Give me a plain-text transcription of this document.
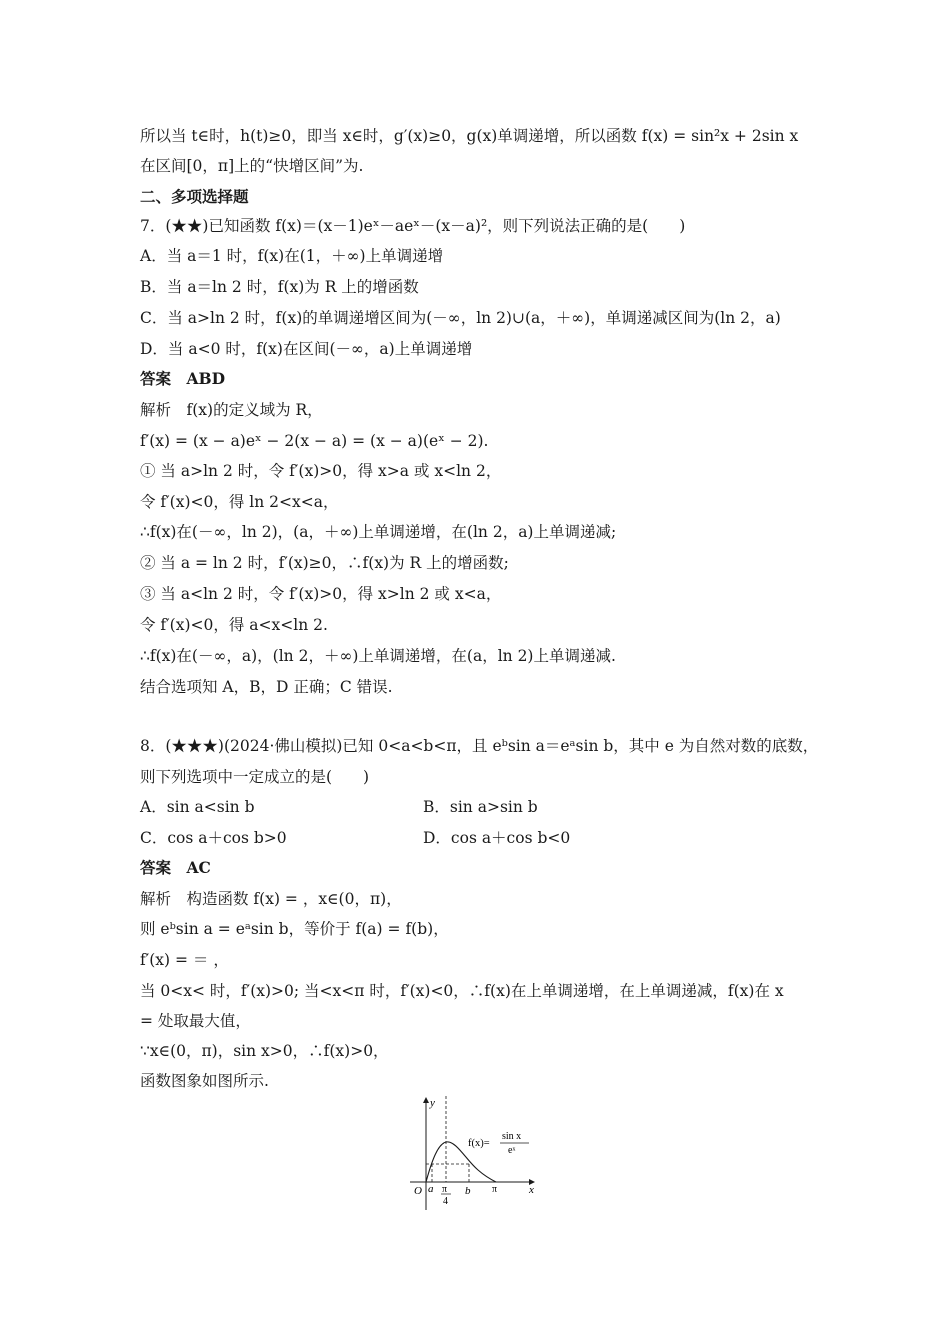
所以当 t∈时，h(t)≥0，即当 x∈时，g′(x)≥0，g(x)单调递增，所以函数 f(x) = sin²x + 2sin x
在区间[0，π]上的“快增区间”为.
二、多项选择题
7．(★★)已知函数 f(x)＝(x－1)eˣ－aeˣ－(x－a)²，则下列说法正确的是(　　)
A．当 a＝1 时，f(x)在(1，＋∞)上单调递增
B．当 a＝ln 2 时，f(x)为 R 上的增函数
C．当 a>ln 2 时，f(x)的单调递增区间为(－∞，ln 2)∪(a，＋∞)，单调递减区间为(ln 2，a)
D．当 a<0 时，f(x)在区间(－∞，a)上单调递增
答案　ABD
解析　f(x)的定义域为 R，
f′(x) = (x − a)eˣ − 2(x − a) = (x − a)(eˣ − 2).
① 当 a>ln 2 时，令 f′(x)>0，得 x>a 或 x<ln 2，
令 f′(x)<0，得 ln 2<x<a，
∴f(x)在(－∞，ln 2)，(a，＋∞)上单调递增，在(ln 2，a)上单调递减;
② 当 a = ln 2 时，f′(x)≥0，∴f(x)为 R 上的增函数;
③ 当 a<ln 2 时，令 f′(x)>0，得 x>ln 2 或 x<a，
令 f′(x)<0，得 a<x<ln 2.
∴f(x)在(－∞，a)，(ln 2，＋∞)上单调递增，在(a，ln 2)上单调递减.
结合选项知 A，B，D 正确；C 错误.
8．(★★★)(2024·佛山模拟)已知 0<a<b<π，且 eᵇsin a＝eᵃsin b，其中 e 为自然对数的底数，
则下列选项中一定成立的是(　　)
A．sin a<sin b	B．sin a>sin b
C．cos a＋cos b>0	D．cos a＋cos b<0
答案　AC
解析　构造函数 f(x) = ，x∈(0，π)，
则 eᵇsin a = eᵃsin b，等价于 f(a) = f(b)，
f′(x) = ＝ ，
当 0<x< 时，f′(x)>0; 当<x<π 时，f′(x)<0，∴f(x)在上单调递增，在上单调递减，f(x)在 x
= 处取最大值，
∵x∈(0，π)，sin x>0，∴f(x)>0，
函数图象如图所示.
y
x
O a π
4
b π
f(x)=
sin x
eˣ
